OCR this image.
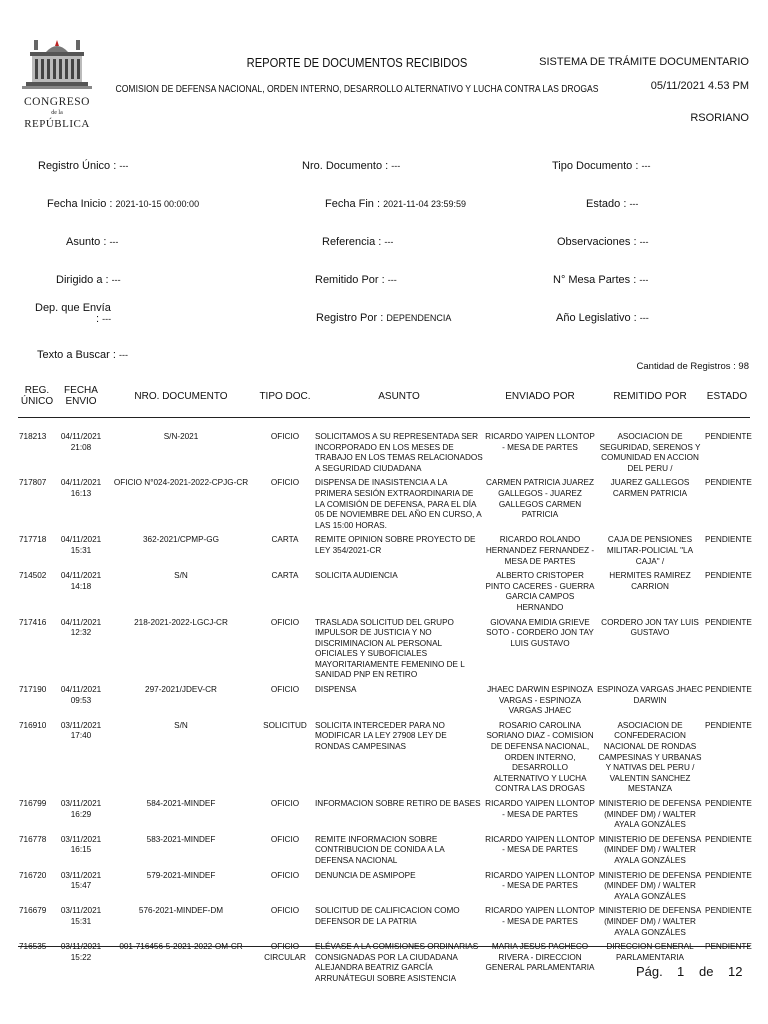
CONGRESO
de la
REPÚBLICA
REPORTE DE DOCUMENTOS RECIBIDOS
COMISION DE DEFENSA NACIONAL, ORDEN INTERNO, DESARROLLO ALTERNATIVO Y LUCHA CONTRA LAS DROGAS
SISTEMA DE TRÁMITE DOCUMENTARIO
05/11/2021 4.53 PM
RSORIANO
Registro Único : ---	Nro. Documento : ---	Tipo Documento : ---
Fecha Inicio : 2021-10-15 00:00:00	Fecha Fin : 2021-11-04 23:59:59	Estado : ---
Asunto : ---	Referencia : ---	Observaciones : ---
Dirigido a : ---	Remitido Por : ---	N° Mesa Partes : ---
Dep. que Envía
: ---	Registro Por : DEPENDENCIA	Año Legislativo : ---
Texto a Buscar : ---
Cantidad de Registros : 98
REG.
ÚNICO	FECHA
ENVIO	NRO. DOCUMENTO	TIPO DOC.	ASUNTO	ENVIADO POR	REMITIDO POR	ESTADO
718213	04/11/2021 21:08	S/N-2021	OFICIO	SOLICITAMOS A SU REPRESENTADA SER INCORPORADO EN LOS MESES DE TRABAJO EN LOS TEMAS RELACIONADOS A SEGURIDAD CIUDADANA	RICARDO YAIPEN LLONTOP - MESA DE PARTES	ASOCIACION DE SEGURIDAD, SERENOS Y COMUNIDAD EN ACCION DEL PERU /	PENDIENTE
717807	04/11/2021 16:13	OFICIO N°024-2021-2022-CPJG-CR	OFICIO	DISPENSA DE INASISTENCIA A LA PRIMERA SESIÓN EXTRAORDINARIA DE LA COMISIÓN DE DEFENSA, PARA EL DÍA 05 DE NOVIEMBRE DEL AÑO EN CURSO, A LAS 15:00 HORAS.	CARMEN PATRICIA JUAREZ GALLEGOS - JUAREZ GALLEGOS CARMEN PATRICIA	JUAREZ GALLEGOS CARMEN PATRICIA	PENDIENTE
717718	04/11/2021 15:31	362-2021/CPMP-GG	CARTA	REMITE OPINION SOBRE PROYECTO DE LEY 354/2021-CR	RICARDO ROLANDO HERNANDEZ FERNANDEZ - MESA DE PARTES	CAJA DE PENSIONES MILITAR-POLICIAL "LA CAJA" /	PENDIENTE
714502	04/11/2021 14:18	S/N	CARTA	SOLICITA AUDIENCIA	ALBERTO CRISTOPER PINTO CACERES - GUERRA GARCIA CAMPOS HERNANDO	HERMITES RAMIREZ CARRION	PENDIENTE
717416	04/11/2021 12:32	218-2021-2022-LGCJ-CR	OFICIO	TRASLADA SOLICITUD DEL GRUPO IMPULSOR DE JUSTICIA Y NO DISCRIMINACION AL PERSONAL OFICIALES Y SUBOFICIALES MAYORITARIAMENTE FEMENINO DE L SANIDAD PNP EN RETIRO	GIOVANA EMIDIA GRIEVE SOTO - CORDERO JON TAY LUIS GUSTAVO	CORDERO JON TAY LUIS GUSTAVO	PENDIENTE
717190	04/11/2021 09:53	297-2021/JDEV-CR	OFICIO	DISPENSA	JHAEC DARWIN ESPINOZA VARGAS - ESPINOZA VARGAS JHAEC	ESPINOZA VARGAS JHAEC DARWIN	PENDIENTE
716910	03/11/2021 17:40	S/N	SOLICITUD	SOLICITA INTERCEDER PARA NO MODIFICAR LA LEY 27908 LEY DE RONDAS CAMPESINAS	ROSARIO CAROLINA SORIANO DIAZ - COMISION DE DEFENSA NACIONAL, ORDEN INTERNO, DESARROLLO ALTERNATIVO Y LUCHA CONTRA LAS DROGAS	ASOCIACION DE CONFEDERACION NACIONAL DE RONDAS CAMPESINAS Y URBANAS Y NATIVAS DEL PERU / VALENTIN SANCHEZ MESTANZA	PENDIENTE
716799	03/11/2021 16:29	584-2021-MINDEF	OFICIO	INFORMACION SOBRE RETIRO DE BASES	RICARDO YAIPEN LLONTOP - MESA DE PARTES	MINISTERIO DE DEFENSA (MINDEF DM) / WALTER AYALA GONZÁLES	PENDIENTE
716778	03/11/2021 16:15	583-2021-MINDEF	OFICIO	REMITE INFORMACION SOBRE CONTRIBUCION DE CONIDA A LA DEFENSA NACIONAL	RICARDO YAIPEN LLONTOP - MESA DE PARTES	MINISTERIO DE DEFENSA (MINDEF DM) / WALTER AYALA GONZÁLES	PENDIENTE
716720	03/11/2021 15:47	579-2021-MINDEF	OFICIO	DENUNCIA DE ASMIPOPE	RICARDO YAIPEN LLONTOP - MESA DE PARTES	MINISTERIO DE DEFENSA (MINDEF DM) / WALTER AYALA GONZÁLES	PENDIENTE
716679	03/11/2021 15:31	576-2021-MINDEF-DM	OFICIO	SOLICITUD DE CALIFICACION COMO DEFENSOR DE LA PATRIA	RICARDO YAIPEN LLONTOP - MESA DE PARTES	MINISTERIO DE DEFENSA (MINDEF DM) / WALTER AYALA GONZÁLES	PENDIENTE
716535	03/11/2021 15:22	001-716456-5-2021-2022-OM-CR	OFICIO CIRCULAR	ELÉVASE A LA COMISIONES ORDINARIAS CONSIGNADAS POR LA CIUDADANA ALEJANDRA BEATRIZ GARCÍA ARRUNÁTEGUI SOBRE ASISTENCIA	MARIA JESUS PACHECO RIVERA - DIRECCION GENERAL PARLAMENTARIA	DIRECCION GENERAL PARLAMENTARIA	PENDIENTE
Pág. 1 de 12
